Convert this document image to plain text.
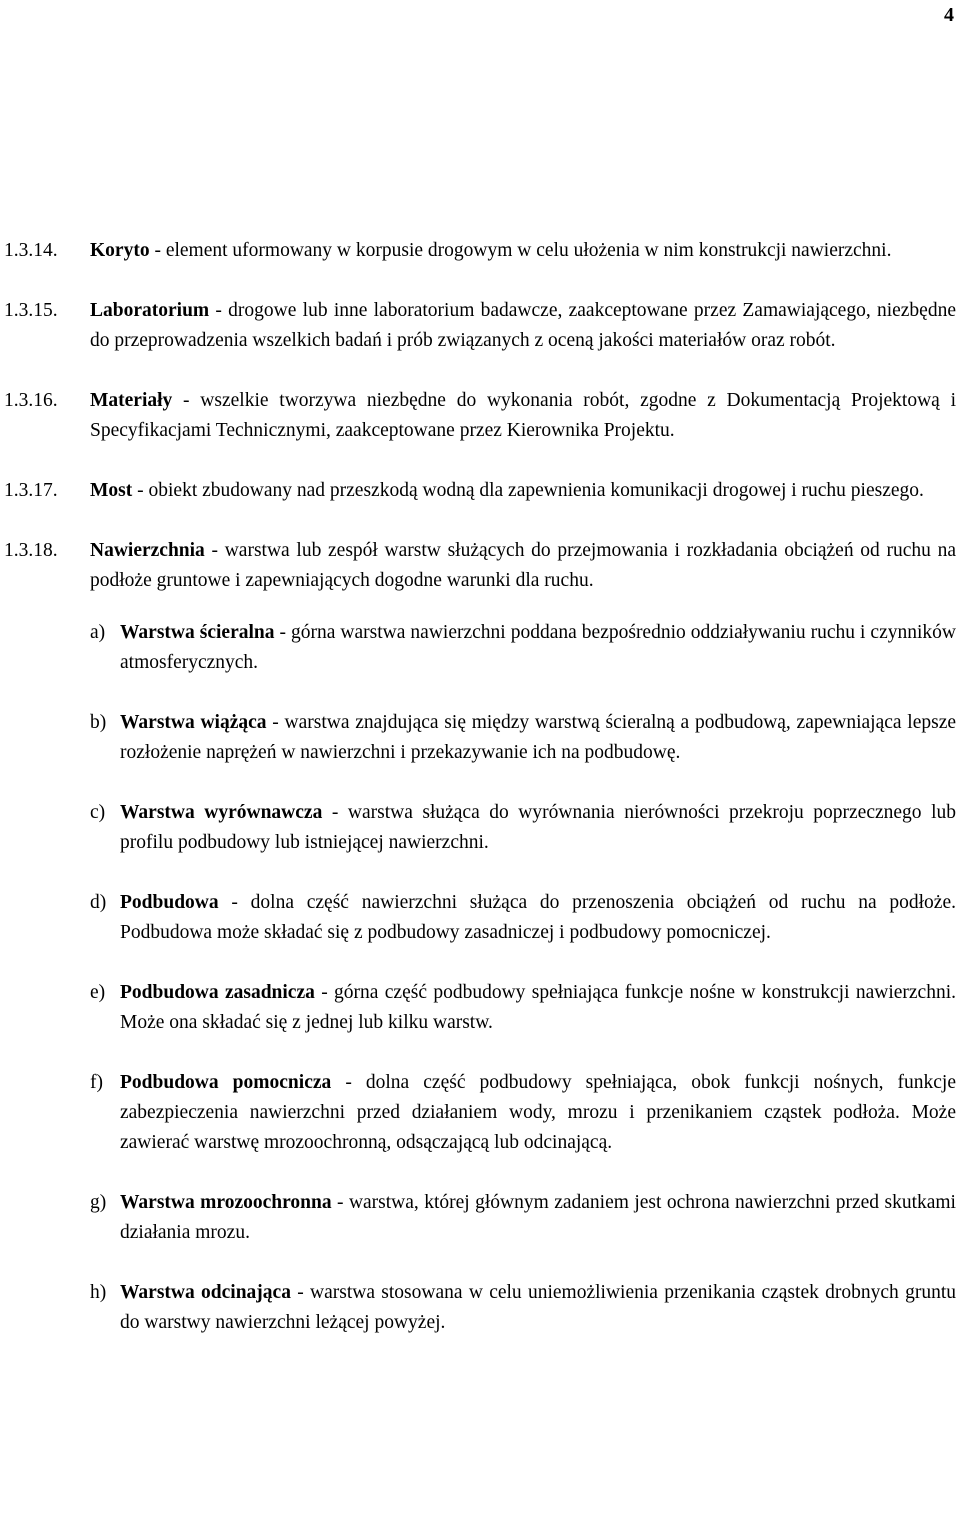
4
1.3.14. Koryto - element uformowany w korpusie drogowym w celu ułożenia w nim konstrukcji nawierzchni.
1.3.15. Laboratorium - drogowe lub inne laboratorium badawcze, zaakceptowane przez Zamawiającego, niezbędne do przeprowadzenia wszelkich badań i prób związanych z oceną jakości materiałów oraz robót.
1.3.16. Materiały - wszelkie tworzywa niezbędne do wykonania robót, zgodne z Dokumentacją Projektową i Specyfikacjami Technicznymi, zaakceptowane przez Kierownika Projektu.
1.3.17. Most - obiekt zbudowany nad przeszkodą wodną dla zapewnienia komunikacji drogowej i ruchu pieszego.
1.3.18. Nawierzchnia - warstwa lub zespół warstw służących do przejmowania i rozkładania obciążeń od ruchu na podłoże gruntowe i zapewniających dogodne warunki dla ruchu.
a) Warstwa ścieralna - górna warstwa nawierzchni poddana bezpośrednio oddziaływaniu ruchu i czynników atmosferycznych.
b) Warstwa wiążąca - warstwa znajdująca się między warstwą ścieralną a podbudową, zapewniająca lepsze rozłożenie naprężeń w nawierzchni i przekazywanie ich na podbudowę.
c) Warstwa wyrównawcza - warstwa służąca do wyrównania nierówności przekroju poprzecznego lub profilu podbudowy lub istniejącej nawierzchni.
d) Podbudowa - dolna część nawierzchni służąca do przenoszenia obciążeń od ruchu na podłoże. Podbudowa może składać się z podbudowy zasadniczej i podbudowy pomocniczej.
e) Podbudowa zasadnicza - górna część podbudowy spełniająca funkcje nośne w konstrukcji nawierzchni. Może ona składać się z jednej lub kilku warstw.
f) Podbudowa pomocnicza - dolna część podbudowy spełniająca, obok funkcji nośnych, funkcje zabezpieczenia nawierzchni przed działaniem wody, mrozu i przenikaniem cząstek podłoża. Może zawierać warstwę mrozoochronną, odsączającą lub odcinającą.
g) Warstwa mrozoochronna - warstwa, której głównym zadaniem jest ochrona nawierzchni przed skutkami działania mrozu.
h) Warstwa odcinająca - warstwa stosowana w celu uniemożliwienia przenikania cząstek drobnych gruntu do warstwy nawierzchni leżącej powyżej.
